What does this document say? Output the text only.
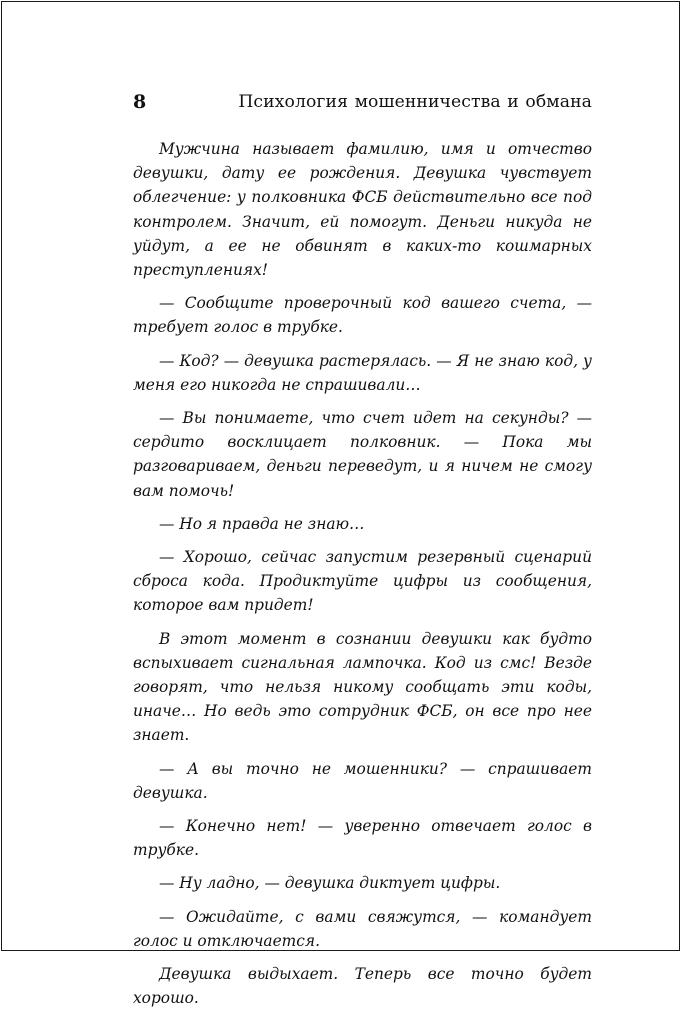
8	Психология мошенничества и обмана

Мужчина называет фамилию, имя и отчество девушки, дату ее рождения. Девушка чувствует облегчение: у полковника ФСБ действительно все под контролем. Значит, ей помогут. Деньги никуда не уйдут, а ее не обвинят в каких-то кошмарных преступлениях!

— Сообщите проверочный код вашего счета, — требует голос в трубке.

— Код? — девушка растерялась. — Я не знаю код, у меня его никогда не спрашивали…

— Вы понимаете, что счет идет на секунды? — сердито восклицает полковник. — Пока мы разговариваем, деньги переведут, и я ничем не смогу вам помочь!

— Но я правда не знаю…

— Хорошо, сейчас запустим резервный сценарий сброса кода. Продиктуйте цифры из сообщения, которое вам придет!

В этот момент в сознании девушки как будто вспыхивает сигнальная лампочка. Код из смс! Везде говорят, что нельзя никому сообщать эти коды, иначе… Но ведь это сотрудник ФСБ, он все про нее знает.

— А вы точно не мошенники? — спрашивает девушка.

— Конечно нет! — уверенно отвечает голос в трубке.

— Ну ладно, — девушка диктует цифры.

— Ожидайте, с вами свяжутся, — командует голос и отключается.

Девушка выдыхает. Теперь все точно будет хорошо.
